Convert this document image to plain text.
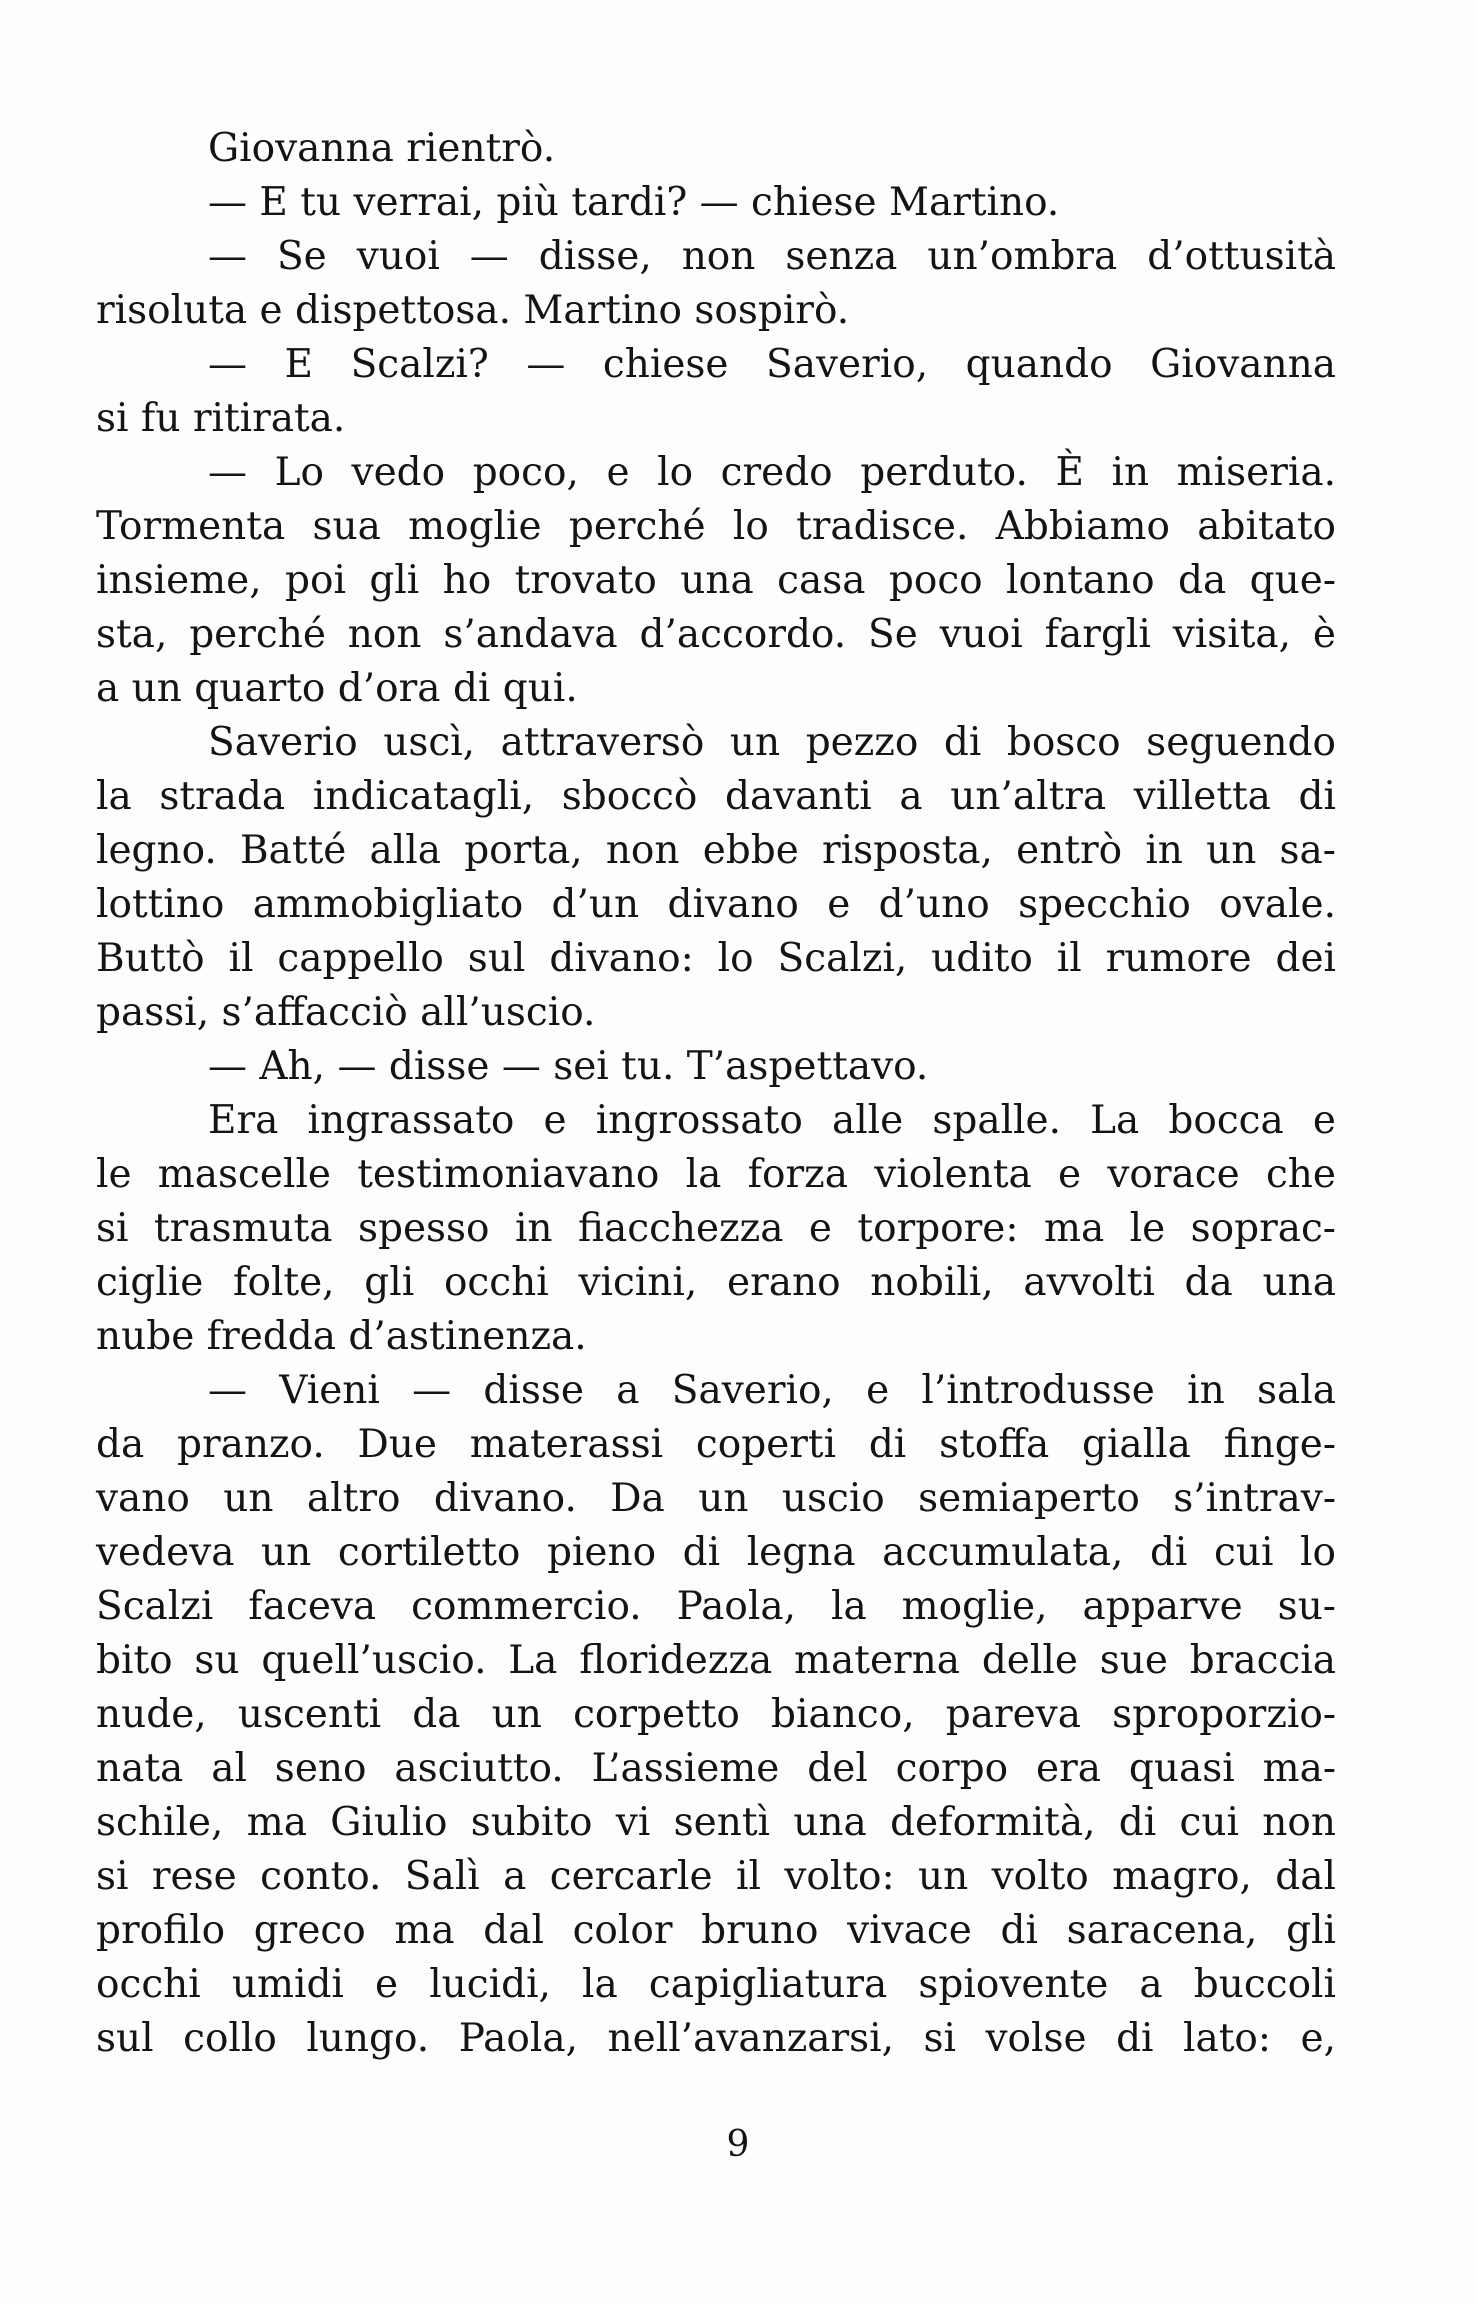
Giovanna rientrò.
— E tu verrai, più tardi? — chiese Martino.
— Se vuoi — disse, non senza un’ombra d’ottusità
risoluta e dispettosa. Martino sospirò.
— E Scalzi? — chiese Saverio, quando Giovanna
si fu ritirata.
— Lo vedo poco, e lo credo perduto. È in miseria.
Tormenta sua moglie perché lo tradisce. Abbiamo abitato
insieme, poi gli ho trovato una casa poco lontano da que-
sta, perché non s’andava d’accordo. Se vuoi fargli visita, è
a un quarto d’ora di qui.
Saverio uscì, attraversò un pezzo di bosco seguendo
la strada indicatagli, sboccò davanti a un’altra villetta di
legno. Batté alla porta, non ebbe risposta, entrò in un sa-
lottino ammobigliato d’un divano e d’uno specchio ovale.
Buttò il cappello sul divano: lo Scalzi, udito il rumore dei
passi, s’affacciò all’uscio.
— Ah, — disse — sei tu. T’aspettavo.
Era ingrassato e ingrossato alle spalle. La bocca e
le mascelle testimoniavano la forza violenta e vorace che
si trasmuta spesso in fiacchezza e torpore: ma le soprac-
ciglie folte, gli occhi vicini, erano nobili, avvolti da una
nube fredda d’astinenza.
— Vieni — disse a Saverio, e l’introdusse in sala
da pranzo. Due materassi coperti di stoffa gialla finge-
vano un altro divano. Da un uscio semiaperto s’intrav-
vedeva un cortiletto pieno di legna accumulata, di cui lo
Scalzi faceva commercio. Paola, la moglie, apparve su-
bito su quell’uscio. La floridezza materna delle sue braccia
nude, uscenti da un corpetto bianco, pareva sproporzio-
nata al seno asciutto. L’assieme del corpo era quasi ma-
schile, ma Giulio subito vi sentì una deformità, di cui non
si rese conto. Salì a cercarle il volto: un volto magro, dal
profilo greco ma dal color bruno vivace di saracena, gli
occhi umidi e lucidi, la capigliatura spiovente a buccoli
sul collo lungo. Paola, nell’avanzarsi, si volse di lato: e,
9
